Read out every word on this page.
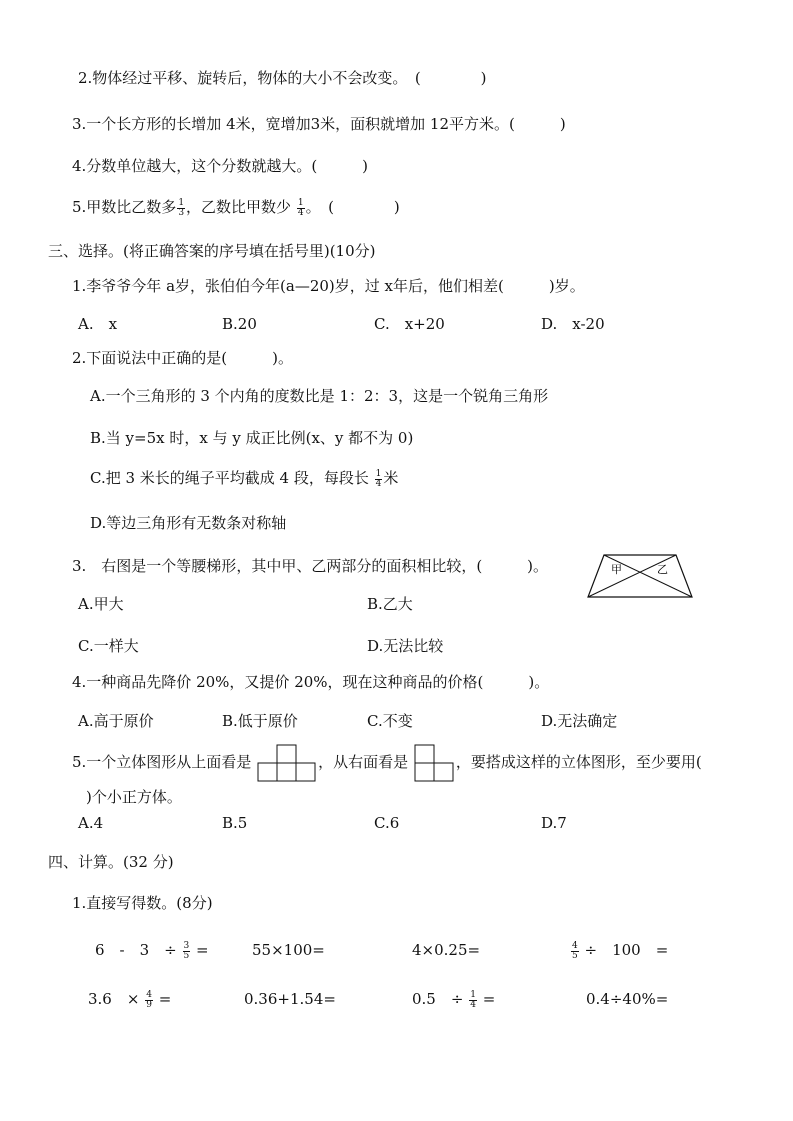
2.物体经过平移、旋转后，物体的大小不会改变。　(　　　　)
3.一个长方形的长增加 4米，宽增加3米，面积就增加 12平方米。(　　　)
4.分数单位越大，这个分数就越大。(　　　)
5.甲数比乙数多 $\frac{1}{3}$ ，乙数比甲数少 $\frac{1}{4}$ 。　(　　　　)
三、选择。(将正确答案的序号填在括号里)(10分)
1.李爷爷今年 a岁，张伯伯今年(a—20)岁，过 x年后，他们相差(　　　)岁。
A.　x	B.20	C.　x+20	D.　x-20
2.下面说法中正确的是(　　　)。
A.一个三角形的 3 个内角的度数比是 1：2：3，这是一个锐角三角形
B.当 y=5x 时，x 与 y 成正比例(x、y 都不为 0)
C.把 3 米长的绳子平均截成 4 段，每段长 $\frac{1}{4}$ 米
D.等边三角形有无数条对称轴
3.　右图是一个等腰梯形，其中甲、乙两部分的面积相比较，(　　　)。	甲	乙
A.甲大	B.乙大
C.一样大	D.无法比较
4.一种商品先降价 20%，又提价 20%，现在这种商品的价格(　　　)。
A.高于原价	B.低于原价	C.不变	D.无法确定
5.一个立体图形从上面看是	，从右面看是	，要搭成这样的立体图形，至少要用(
)个小正方体。
A.4	B.5	C.6	D.7
四、计算。(32 分)
1.直接写得数。(8分)
6　-　3　÷ $\frac{3}{5}$ =	55×100=	4×0.25=	$\frac{4}{5}$ ÷　100　=
3.6　× $\frac{4}{9}$ =	0.36+1.54=	0.5　÷ $\frac{1}{4}$ =	0.4÷40%=
